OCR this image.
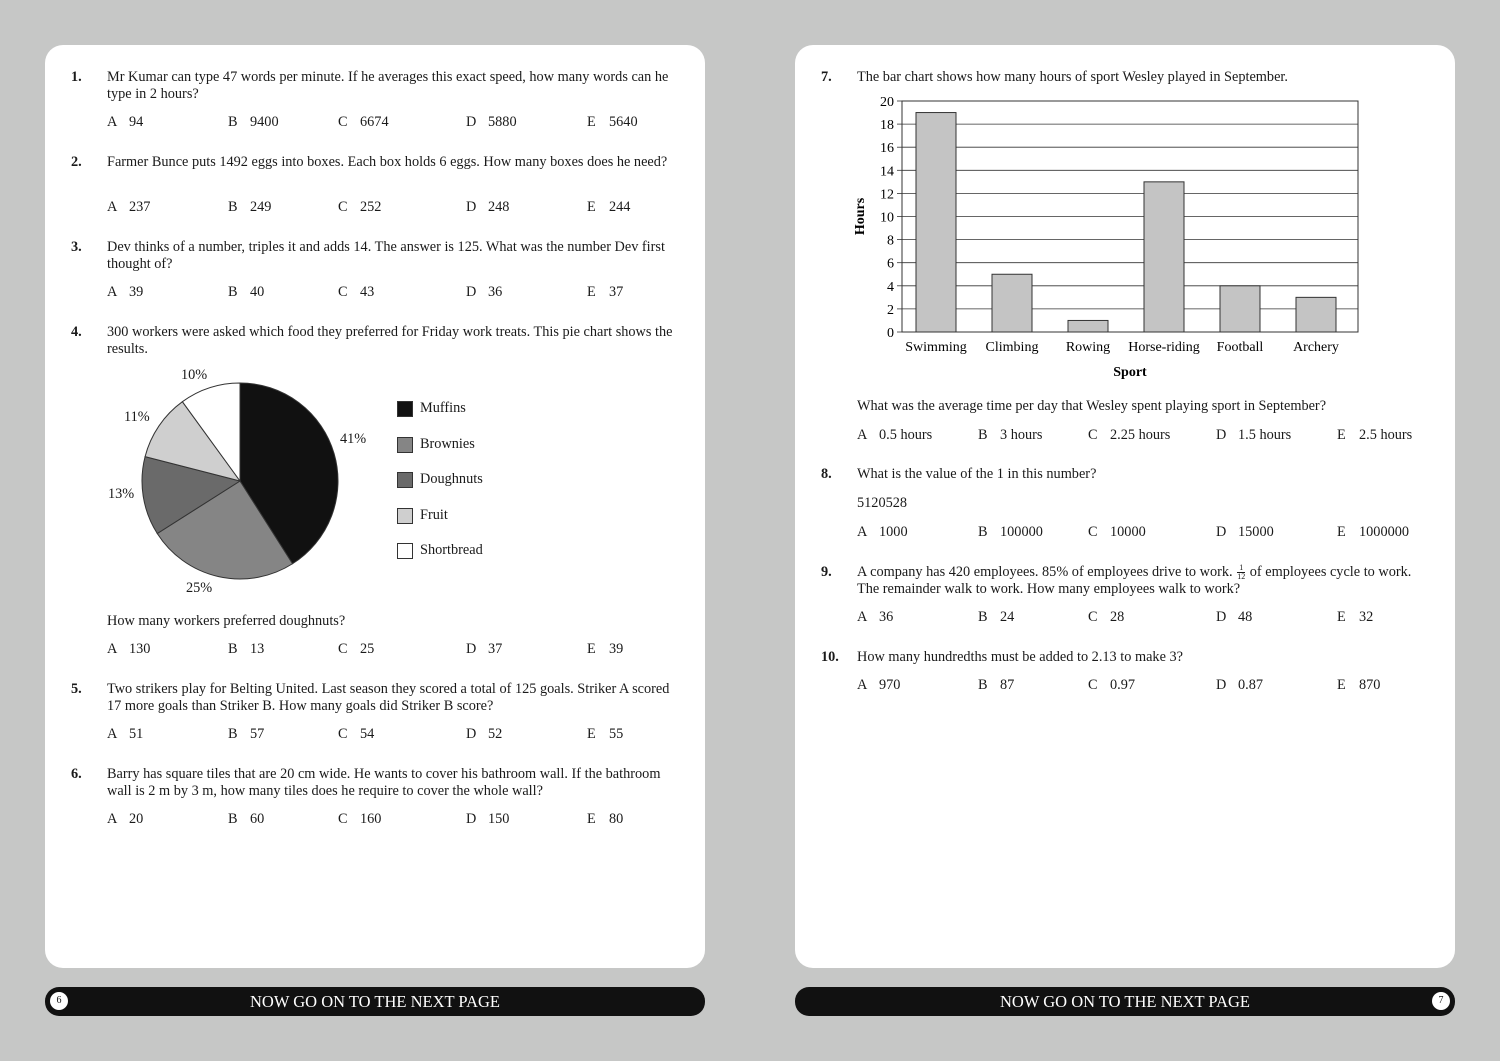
1. Mr Kumar can type 47 words per minute. If he averages this exact speed, how many words can he type in 2 hours?
A 94	B 9400	C 6674	D 5880	E 5640
2. Farmer Bunce puts 1492 eggs into boxes. Each box holds 6 eggs. How many boxes does he need?
A 237	B 249	C 252	D 248	E 244
3. Dev thinks of a number, triples it and adds 14. The answer is 125. What was the number Dev first thought of?
A 39	B 40	C 43	D 36	E 37
4. 300 workers were asked which food they preferred for Friday work treats. This pie chart shows the results.
41%
25%
13%
11%
10%
Muffins
Brownies
Doughnuts
Fruit
Shortbread
How many workers preferred doughnuts?
A 130	B 13	C 25	D 37	E 39
5. Two strikers play for Belting United. Last season they scored a total of 125 goals. Striker A scored 17 more goals than Striker B. How many goals did Striker B score?
A 51	B 57	C 54	D 52	E 55
6. Barry has square tiles that are 20 cm wide. He wants to cover his bathroom wall. If the bathroom wall is 2 m by 3 m, how many tiles does he require to cover the whole wall?
A 20	B 60	C 160	D 150	E 80
7. The bar chart shows how many hours of sport Wesley played in September.
0
2
4
6
8
10
12
14
16
18
20
Swimming Climbing Rowing Horse-riding Football Archery
Sport
Hours
What was the average time per day that Wesley spent playing sport in September?
A 0.5 hours	B 3 hours	C 2.25 hours	D 1.5 hours	E 2.5 hours
8. What is the value of the 1 in this number?
5120528
A 1000	B 100000	C 10000	D 15000	E 1000000
9. A company has 420 employees. 85% of employees drive to work. $\frac{1}{12}$ of employees cycle to work. The remainder walk to work. How many employees walk to work?
A 36	B 24	C 28	D 48	E 32
10. How many hundredths must be added to 2.13 to make 3?
A 970	B 87	C 0.97	D 0.87	E 870
6	NOW GO ON TO THE NEXT PAGE	NOW GO ON TO THE NEXT PAGE	7
